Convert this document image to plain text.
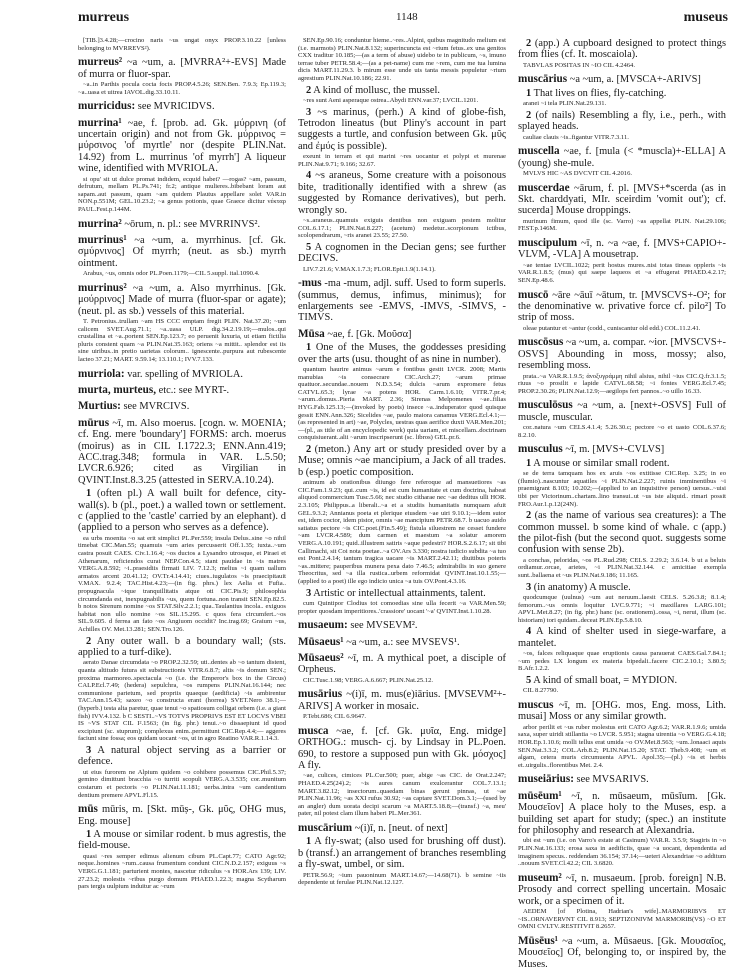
murreus	1148	museus

[TIB.]3.4.28;—crocino naris ~us ungat onyx PROP.3.10.22 [unless belonging to MVRREVS²).

murreus² ~a ~um, a. [MVRRA²+-EVS] Made of murra or fluor-spar.

~a..in Parthis pocula cocta focis PROP.4.5.26; SEN.Ben. 7.9.3; Ep.119.3; ~a..uasa et uitrea IAVOL.dig.33.10.11.

murricidus: see MVRICIDVS.

murrina¹ ~ae, f. [prob. ad. Gk. μύρρινη (of uncertain origin) and not from Gk. μύρρινος = μύρσινος 'of myrtle' nor (despite PLIN.Nat. 14.92) from L. murrinus 'of myrrh'] A liqueur wine, identified with MVRIOLA.

si opu' sit ut dulce promat indidem, ecquid habet? —rogas? ~am, passum, defrutum, mellam PL.Ps.741; fr.2; antique mulieres..bibebant loram aut sapam..aut passum, quam ~am quidem Plautus appellare solet VAR.in NON.p.551M; GEL.10.23.2; ~a genus potionis, quae Graece dicitur νέκταρ PAUL.Fest.p.144M.

murrina² ~ōrum, n. pl.: see MVRRINVS².

murrinus¹ ~a ~um, a. myrrhinus. [cf. Gk. σμύρνινος] Of myrrh; (neut. as sb.) myrrh ointment.

Arabus, ~us, omnis odor PL.Poen.1179;—CIL 5.suppl. ital.1090.4.

murrinus² ~a ~um, a. Also myrrhinus. [Gk. μούρρινος] Made of murra (fluor-spar or agate); (neut. pl. as sb.) vessels of this material.

T. Petronius..trullam ~am HS CCC emptam fregit PLIN. Nat.37.20; ~um calicem SVET.Aug.71.1; ~a..uasa ULP. dig.34.2.19.19;—mulos..qui crustallina et ~a..portent SEN.Ep.123.7; eo peruenit luxuria, ut etiam fictilia pluris constent quam ~a PLIN.Nat.35.163; oriens ~a mittit.. splendor est iis sine uiribus..in pretio uarietas colorum.. ignescente..purpura aut rubescente lacteo 37.21; MART. 9.59.14; 13.110.1; IVV.7.133.

murriola: var. spelling of MVRIOLA.

murta, murteus, etc.: see MYRT-.

Murtius: see MVRCIVS.

mūrus ~ī, m. Also moerus. [cogn. w. MOENIA; cf. Eng. mere 'boundary'] FORMS: arch. moerus (moirus) as in CIL I.1722.3; ENN.Ann.419; ACC.trag.348; formula in VAR. L.5.50; LVCR.6.926; cited as Virgilian in QVINT.Inst.8.3.25 (attested in SERV.A.10.24).

1 (often pl.) A wall built for defence, city-wall(s). b (pl., poet.) a walled town or settlement. c (applied to the 'castle' carried by an elephant). d (applied to a person who serves as a defence).

ea urbs moenita ~o sat erit simplici PL.Per.559; insula Delus..sine ~o nihil timebat CIC.Man.55; quamuis ~um aries percusserit Off.1.35; iuxta..~um castra posuit CAES. Civ.1.16.4; ~os ductos a Lysandro utrosque, et Piraei et Athenarum, reficiendos curat NEP.Con.4.5; stant pauidae in ~is matres VERG.A.8.592; ~i..praesidiis firmati LIV. 7.12.3; melius ~i quam uallum armatos arcent 20.41.12; OV.Tr.4.14.41; ciues..iugulatos ~is praecipitauit V.MAX. 9.2.4; TAC.Hist.4.23;—(in fig. phrs.) lex Aelia et Fufia.. propugnacula ~ique tranquillitatis atque oti CIC.Pis.9; philosophia circumdanda est, inexpugnabilis ~us, quem fortuna..non transit SEN.Ep.82.5. b notos Sirenum nomine ~os STAT.Silv.2.2.1; qua..Taulantius incola.. exiguos habitat non ullo nomine ~os SIL.15.295. c quos fera circumfert..~os SIL.9.605. d ferrea an fato ~os Angiuom occidit? Inc.trag.69; Graium ~us, Achilles OV. Met.13.281; SEN.Tro.126.

2 Any outer wall. b a boundary wall; (sts. applied to a turf-dike).

aerato Danae circumdata ~o PROP.2.32.59; uti..dentes ab ~o tantum distent, quanta altitudo futura sit substructionis VITR.6.8.7; altis ~is domum SEN.; proxima marmoreo..spectacula ~o (i.e. the Emperor's box in the Circus) CALP.Ecl.7.49; (hedera) sepulchra, ~os rumpens PLIN.Nat.16.144; nec communione parietum, sed propriis quaeque (aedificia) ~is ambirentur TAC.Ann.15.43; saxeo ~o constructa erant (horrea) SVET.Nero 38.1;—(hyperb.) testa alta paretur, quae tenui ~o spatiosum colligat orbem (i.e. a giant fish) IVV.4.132. b C SESTI..~VS TOTVS PROPRIVS EST ET LOCVS VBEI IS ~VS STAT CIL I².1563; (in fig. phr.) tenui..~o dissaepiunt id quod excipiunt (sc. stuprum); complexus enim..permittunt CIC.Rep.4.4;— aggeres faciunt sine fossa; eos quidam uocant ~os, ut in agro Reatino VAR.R.1.14.3.

3 A natural object serving as a barrier or defence.

ut eius furorem ne Alpium quidem ~o cohibere possemus CIC.Phil.5.37; gemino dimittunt bracchia ~o turriti scopuli VERG.A.3.535; cor..munitum costarum et pectoris ~o PLIN.Nat.11.181; uerba..intra ~um candentium dentium premere APVL.Fl.15.

mūs mūris, m. [Skt. mūṣ-, Gk. μῦς, OHG mus, Eng. mouse]

1 A mouse or similar rodent. b mus agrestis, the field-mouse.

quasi ~res semper edimus alienum cibum PL.Capt.77; CATO Agr.92; neque..homines ~rum..causa frumentum condunt CIC.N.D.2.157; exiguus ~s VERG.G.1.181; parturient montes, nascetur ridiculus ~s HOR.Ars 139; LIV. 27.23.2; molestis ~ribus purgo domum PHAED.1.22.3; magna Scytharum pars tergis uulpium induitur ac ~rum

SEN.Ep.90.16; conduntur hieme..~res..Alpini, quibus magnitudo melium est (i.e. marmots) PLIN.Nat.8.132; superincuncta est ~rium fetus..ex una genitos CXX traditur 10.185;—(as a term of abuse) uidebo te in publicum, ~s, imuno terrae tuber PETR.58.4;—(as a pet-name) cum me ~rem, cum me tua lumina dicis MART.11.29.3. b mirum esse unde uis tanta messis populetur ~rium agrestium PLIN.Nat.10.186; 22.91.

2 A kind of mollusc, the mussel.

~res sunt Aeni asperaque ostrea..Abydi ENN.var.37; LVCIL.1201.

3 ~s marinus, (perh.) A kind of globe-fish, Tetrodon lineatus (but Pliny's account in part suggests a turtle, and confusion between Gk. μῦς and ἐμύς is possible).

exeunt in terram et qui marini ~res uocantur et polypi et murenae PLIN.Nat.9.71; 9.166; 32.67.

4 ~s araneus, Some creature with a poisonous bite, traditionally identified with a shrew (as suggested by Romance derivatives), but perh. wrongly so.

~s..araneus..quamuis exiguis dentibus non exiguam pestem molitur COL.6.17.1; PLIN.Nat.8.227; (acetum) medetur..scorpionum ictibus, scolopendrarum, ~ris aranei 23.55; 27.50.

5 A cognomen in the Decian gens; see further DECIVS.

LIV.7.21.6; V.MAX.1.7.3; FLOR.Epit.1.9(1.14.1).

-mus -ma -mum, adjl. suff. Used to form superls. (summus, demus, infimus, minimus); for enlargements see -EMVS, -IMVS, -SIMVS, -TIMVS.

Mūsa ~ae, f. [Gk. Μοῦσα]

1 One of the Muses, the goddesses presiding over the arts (usu. thought of as nine in number).

quantum haurire animus ~arum e fontibus gestit LVCR. 2008; Martis manubias ~is consecrare CIC.Arch.27; ~arum primae quattuor..secundae..nouem N.D.3.54; dulcis ~arum expromere fetus CATVL.65.3; lyrae ~a potens HOR. Carm.1.6.10; VITR.7.pr.4; ~arum..domus..Pieria MART. 2.36; Sirenas Melpomenes ~ae..filias HYG.Fab.125.13;—(invoked by poets) insece ~a..induperator quod quisque gessit ENN.Ann.326; Sicelides ~ae, paulo maiora canamus VERG.Ecl.4.1;—(as represented in art) ~ae, Polycles, uestras quas aerifice duxti VAR.Men.201;—(pl., as title of an encyclopedic work) quia uariam, et miscellam..doctrinam conquisiuerant..alii ~arum inscripserunt (sc. libros) GEL.pr.6.

2 (meton.) Any art or study presided over by a Muse; omnis ~ae mancipium, a Jack of all trades. b (esp.) poetic composition.

animum ab orationibus diiungo fere referoque ad mansuetiores ~as CIC.Fam.1.9.23; qui..cum ~is, id est cum humanitate et cum doctrina, habeat aliquod commercium Tusc.5.66; nec studio citharae nec ~ae deditus ulli HOR. 2.3.105; Philippus..a liberali..~a et a studiis humanitatis numquam afuit GEL.9.3.2; Annianus poeta et plerique eiusdem ~ae uiri 9.10.1;—idem sutor est, idem coctor, idem pistor, omnis ~ae mancipium PETR.68.7. b uacuo auido satiatus pectore ~is CIC.poet.(Fin.5.49); fistula siluestrem ne cesset fundere ~am LVCR.4.589; dum carmen et maestum ~a solatur amorem VERG.A.10.191; quid..illustrem satiris ~aque pedestri? HOR.S.2.6.17; sit tibi Callimachi, sit Coi nota poetae..~a OV.Ars 3.330; nostra iudicio subdita ~a tuo est Pont.2.4.14; tantum tragica uacare ~is MART.2.42.11; diuitibus poteris ~as..mittere; pauperibus munera pexa dato 7.46.5; admirabilis in suo genere Theocritus, sed ~a illa rustica..urbem reformidat QVINT.Inst.10.1.55;—(applied to a poet) ille ego indicio unica ~a tuis OV.Pont.4.3.16.

3 Artistic or intellectual attainments, talent.

cum Quintipor Clodius tot comoedias sine ulla fecerit ~a VAR.Men.59; propter quosdam imperitiores..'crassiore' uocant '~a' QVINT.Inst.1.10.28.

musaeum: see MVSEVM².

Mūsaeus¹ ~a ~um, a.: see MVSEVS¹.

Mūsaeus² ~ī, m. A mythical poet, a disciple of Orpheus.

CIC.Tusc.1.98; VERG.A.6.667; PLIN.Nat.25.12.

musārius ~(i)ī, m. mus(e)iārius. [MVSEVM²+-ARIVS] A worker in mosaic.

P.Tebt.686; CIL 6.9647.

musca ~ae, f. [cf. Gk. μυῖα, Eng. midge] ORTHOG.: musch- cj. by Lindsay in PL.Poen. 690, to restore a supposed pun with Gk. μόσχος] A fly.

~ae, culices, cimices PL.Cur.500; puer, abige ~as CIC. de Orat.2.247; PHAED.4.25(24).2; ~is aures canum exulcerantur COL.7.13.1; MART.3.82.12; insectorum..quaedam binas gerunt pinnas, ut ~ae PLIN.Nat.11.96; ~as XXI rufus 30.92; ~as captare SVET.Dom.3.1;—(used by an angler) dum uorata decipi scarum ~a MART.5.18.8;—(transf.) ~a, meu' pater, nil potest clam illum haberi PL.Mer.361.

muscārium ~(i)ī, n. [neut. of next]

1 A fly-swat; (also used for brushing off dust). b (transf.) an arrangement of branches resembling a fly-swat, umbel, or sim.

PETR.56.9; ~ium pauoninum MART.14.67;—14.68(71). b semine ~iis dependente ut ferulae PLIN.Nat.12.127.

2 (app.) A cupboard designed to protect things from flies (cf. It. moscaiola).

TABVLAS POSITAS IN ~IO CIL 4.2464.

muscārius ~a ~um, a. [MVSCA+-ARIVS]

1 That lives on flies, fly-catching.

aranei ~i tela PLIN.Nat.29.131.

2 (of nails) Resembling a fly, i.e., perh., with splayed heads.

cauliae clauis ~is..figantur VITR.7.3.11.

muscella ~ae, f. [mula (< *muscla)+-ELLA] A (young) she-mule.

MVLVS HIC ~AS DVCVIT CIL 4.2016.

muscerdae ~ārum, f. pl. [MVS+*scerda (as in Skt. charddyati, MIr. sceirdim 'vomit out'); cf. sucerda] Mouse droppings.

murinum fimum, quod ille (sc. Varro) ~as appellat PLIN. Nat.29.106; FEST.p.146M.

muscipulum ~ī, n. ~a ~ae, f. [MVS+CAPIO+-VLVM, -VLA] A mousetrap.

~ae tentae LVCIL.1022; perit hostus mures..nisi totas tineas oppleris ~is VAR.R.1.8.5; (mus) qui saepe laqueos et ~a effugerat PHAED.4.2.17; SEN.Ep.48.6.

muscō ~āre ~āuī ~ātum, tr. [MVSCVS+-O²; for the denominative w. privative force cf. pilo²] To strip of moss.

oleae putantur et ~antur (codd., cuniscantur old edd.) COL.11.2.41.

muscōsus ~a ~um, a. compar. ~ior. [MVSCVS+-OSVS] Abounding in moss, mossy; also, resembling moss.

prata..~a VAR.R.1.9.5; ἀνοξυγράμμη nihil alsius, nihil ~ius CIC.Q.fr.3.1.5; riuus ~o prosilit e lapide CATVL.68.58; ~i fontes VERG.Ecl.7.45; PROP.2.30.26; PLIN.Nat.12.9;—aegilops fert pannos..~o uillo 16.33.

musculōsus ~a ~um, a. [next+-OSVS] Full of muscle, muscular.

cor..natura ~um CELS.4.1.4; 5.26.30.c; pectore ~o et uasto COL.6.37.6; 8.2.10.

musculus ~ī, m. [MVS+-CVLVS]

1 A mouse or similar small rodent.

se de terra tamquam hos ex aruis ~os extitisse CIC.Rep. 3.25; in eo (flumio)..nascuntur aquatiles ~i PLIN.Nat.2.227; ruinis imminentibus ~i praemigrant 8.103; 10.202;—(applied to an inquisitive person) uersus..~uisi tibi per Victorinum..chartam..lino transui..ut ~us iste aliquid.. rimari possit FRO.Aur.1.p.12(24N).

2 (as the name of various sea creatures): a The common mussel. b some kind of whale. c (app.) the pilot-fish (but the second quot. suggests some confusion with sense 2b).

a conchas, peloridas, ~os PL.Rud.298; CELS. 2.29.2; 3.6.14. b ut a beluis ordiamur..orcae, arietes, ~i PLIN.Nat.32.144. c amicitiae exempla sunt..ballaena et ~us PLIN.Nat.9.186; 11.165.

3 (in anatomy) A muscle.

quodcumque (uulnus) ~um aut neruum..laesit CELS. 5.26.3.8; 8.1.4; femorum..~us omnis loquitur LVC.9.771; ~i maxillares LARG.101; APVL.Met.8.27; (in fig. phr.) hanc (sc. orationem)..ossa, ~i, nerui, illum (sc. historiam) tori quidam..deceat PLIN.Ep.5.8.10.

4 A kind of shelter used in siege-warfare, a mantelet.

~os, falces reliquaque quae eruptionis causa parauerat CAES.Gal.7.84.1; ~um pedes LX longum ex materia bipedali..facere CIC.2.10.1; 3.80.5; B.Afr.1.2.2.

5 A kind of small boat, = MYDION.

CIL 8.27790.

muscus ~ī, m. [OHG. mos, Eng. moss, Lith. musai] Moss or any similar growth.

arbor perilit et ~us ruber molestus erit CATO Agr.6.2; VAR.R.1.9.6; umida saxa, super uiridi stillantia ~o LVCR. 5.951; stagna uirentia ~o VERG.G.4.18; HOR.Ep.1.10.6; molli tellus erat umida ~o OV.Met.8.563; ~um..lonaaci aquis SEN.Nat.3.3.2; COL.Arb.8.2; PLIN.Nat.15.20; STAT. Theb.9.408; ~um et algam, cetera muris circumuenta APVL. Apol.35;—(pl.) ~is et herbis et..uirgulis..florentibus Met. 2.4.

museiārius: see MVSARIVS.

mūsēum¹ ~ī, n. mūsaeum, mūsīum. [Gk. Μουσεῖον] A place holy to the Muses, esp. a building set apart for study; (spec.) an institute for philosophy and research at Alexandria.

ubi est ~um (i.e. on Varro's estate at Casinum) VAR.R. 3.5.9; Stagiris in ~o PLIN.Nat.16.133; erosa saxa in aedificiis, quae ~a uocant, dependentia ad imaginem specus.. reddendam 36.154; 37.14;—ueteri Alexandriae ~o additum ..nouum SVET.Cl.42.2; CIL 3.6820.

museum² ~ī, n. musaeum. [prob. foreign] N.B. Prosody and correct spelling uncertain. Mosaic work, or a specimen of it.

AEDEM [of Plotina, Hadrian's wife]..MARMORIBVS ET ~IS..ORNAVERVNT CIL 8.913; SEPTIZONIVM MARMORIB(VS) ~O ET OMNI CVLTV..RESTITVIT 8.2657.

Mūsēus¹ ~a ~um, a. Mūsaeus. [Gk. Μουσαῖος, Μουσεῖος] Of, belonging to, or inspired by, the Muses.
